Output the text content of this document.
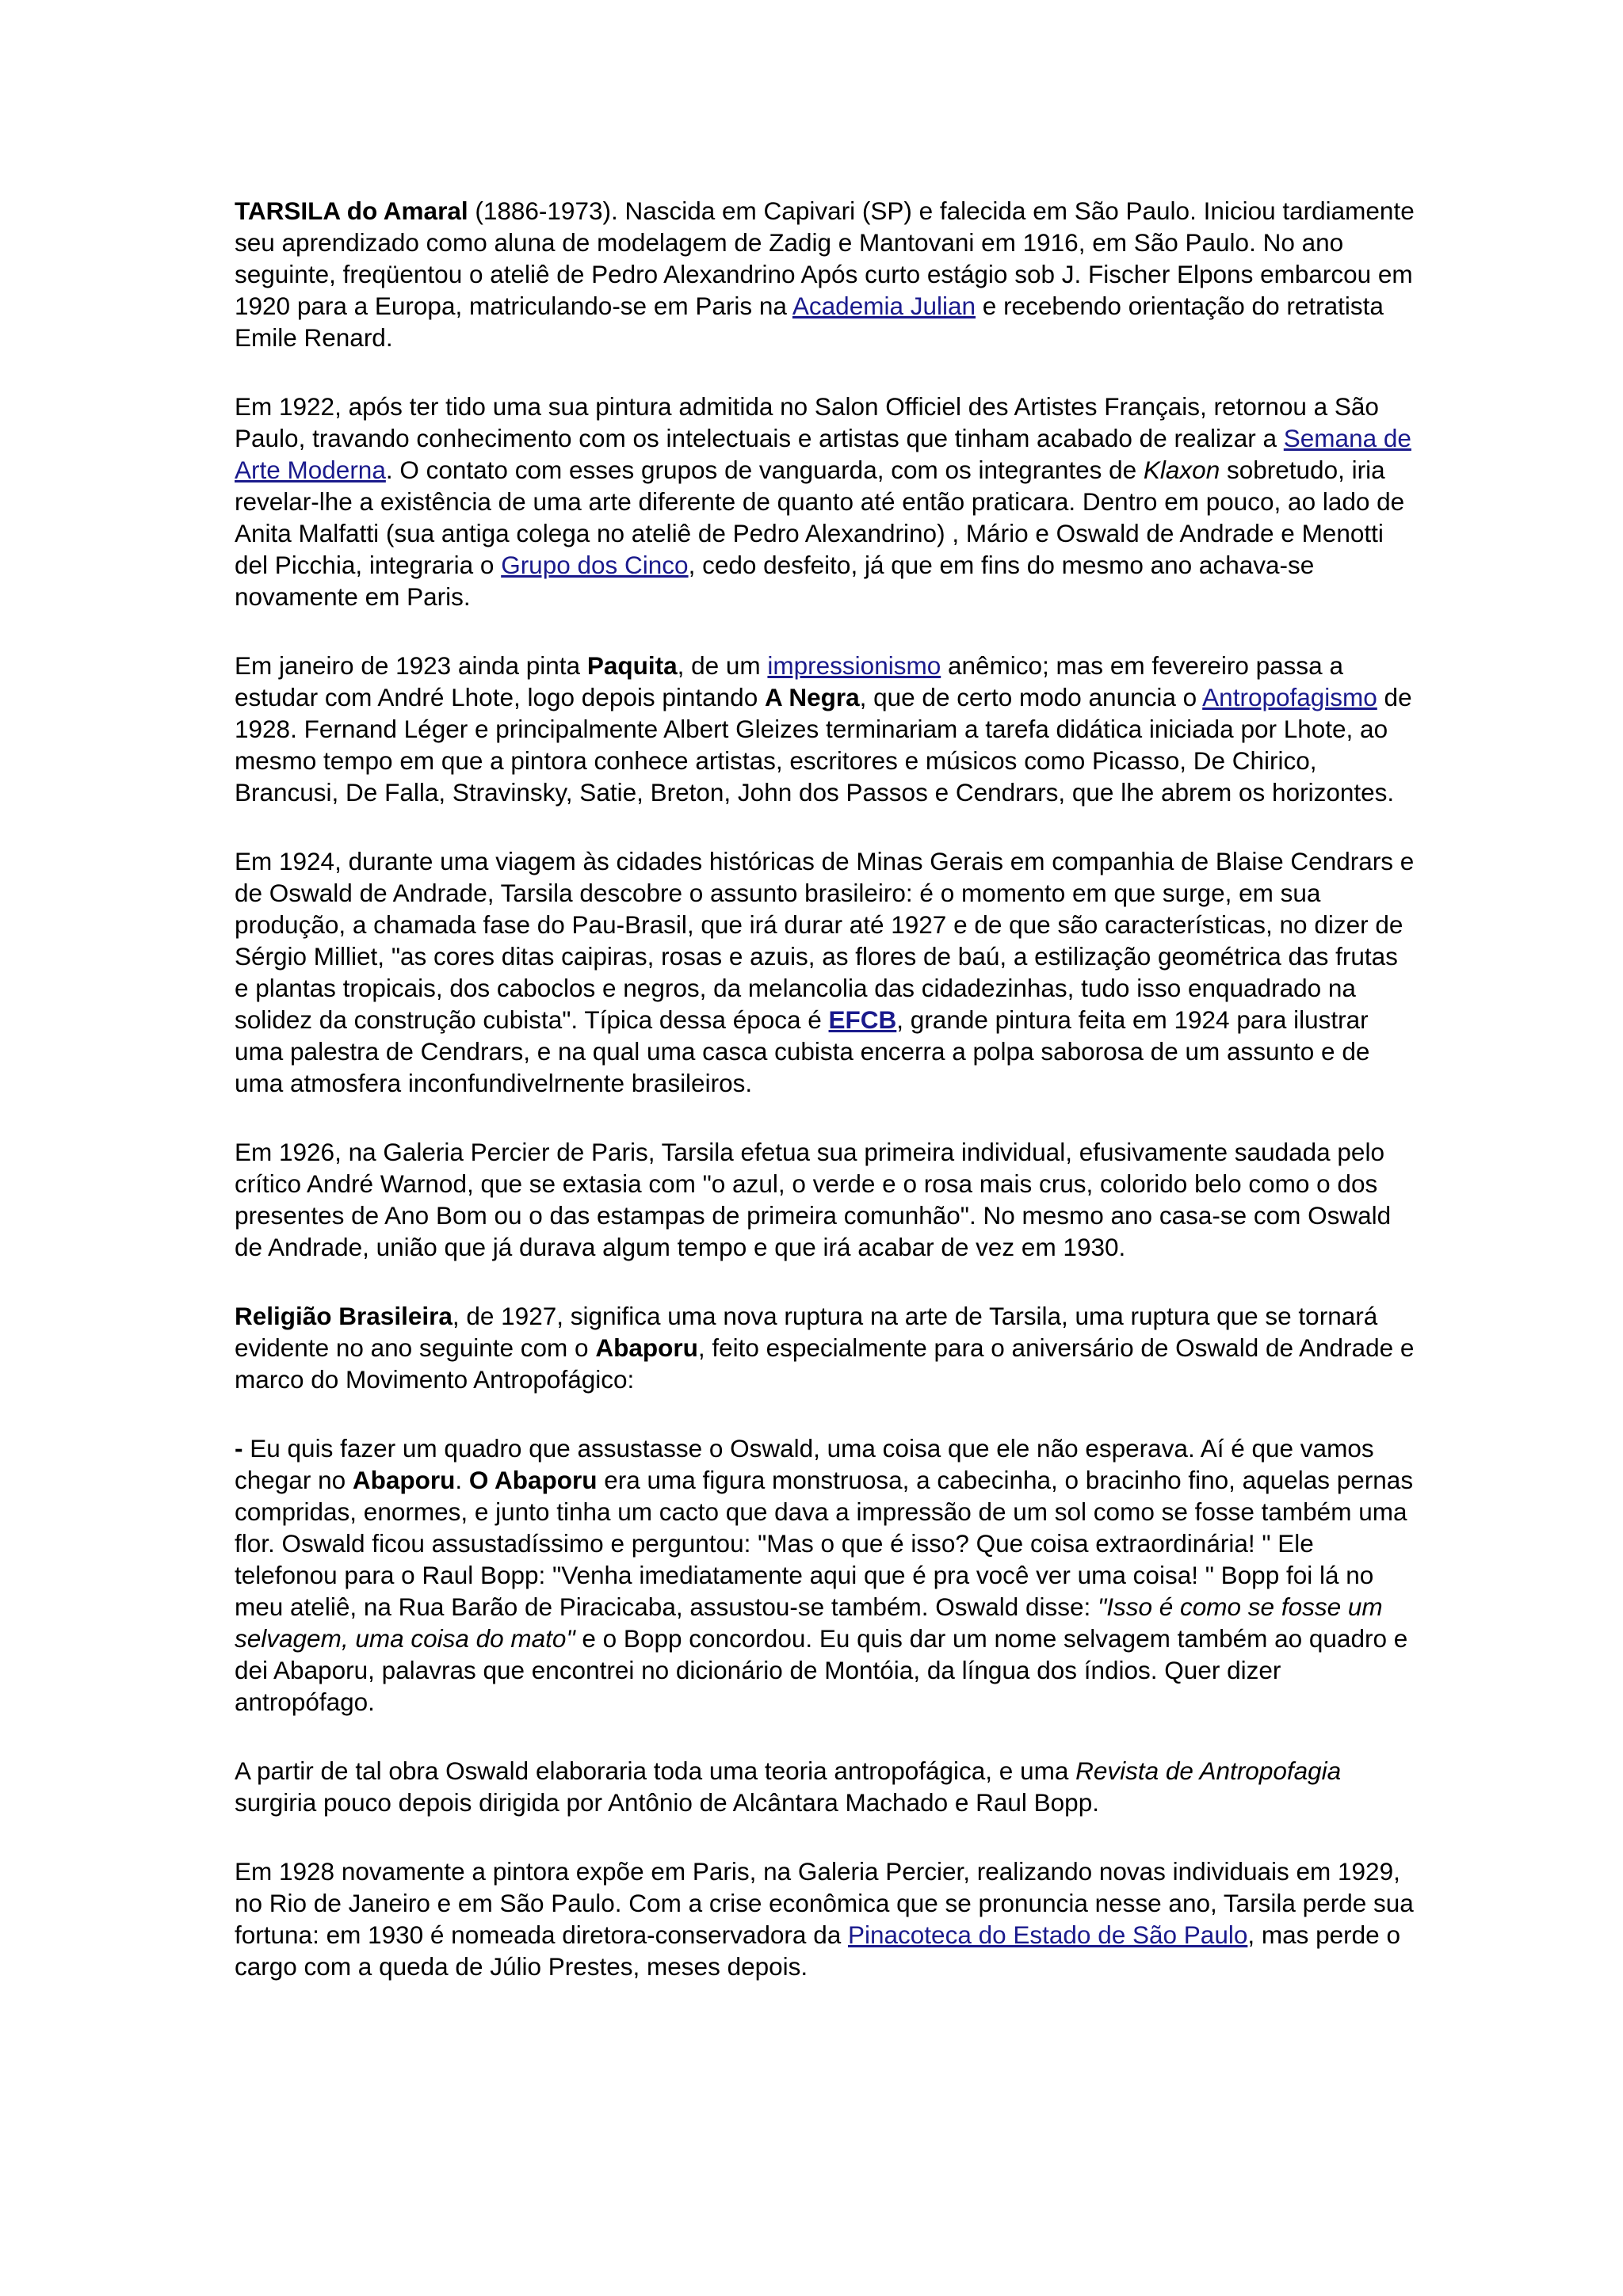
TARSILA do Amaral (1886-1973). Nascida em Capivari (SP) e falecida em São Paulo. Iniciou tardiamente seu aprendizado como aluna de modelagem de Zadig e Mantovani em 1916, em São Paulo. No ano seguinte, freqüentou o ateliê de Pedro Alexandrino Após curto estágio sob J. Fischer Elpons embarcou em 1920 para a Europa, matriculando-se em Paris na Academia Julian e recebendo orientação do retratista Emile Renard.

Em 1922, após ter tido uma sua pintura admitida no Salon Officiel des Artistes Français, retornou a São Paulo, travando conhecimento com os intelectuais e artistas que tinham acabado de realizar a Semana de Arte Moderna. O contato com esses grupos de vanguarda, com os integrantes de Klaxon sobretudo, iria revelar-lhe a existência de uma arte diferente de quanto até então praticara. Dentro em pouco, ao lado de Anita Malfatti (sua antiga colega no ateliê de Pedro Alexandrino) , Mário e Oswald de Andrade e Menotti del Picchia, integraria o Grupo dos Cinco, cedo desfeito, já que em fins do mesmo ano achava-se novamente em Paris.

Em janeiro de 1923 ainda pinta Paquita, de um impressionismo anêmico; mas em fevereiro passa a estudar com André Lhote, logo depois pintando A Negra, que de certo modo anuncia o Antropofagismo de 1928. Fernand Léger e principalmente Albert Gleizes terminariam a tarefa didática iniciada por Lhote, ao mesmo tempo em que a pintora conhece artistas, escritores e músicos como Picasso, De Chirico, Brancusi, De Falla, Stravinsky, Satie, Breton, John dos Passos e Cendrars, que lhe abrem os horizontes.

Em 1924, durante uma viagem às cidades históricas de Minas Gerais em companhia de Blaise Cendrars e de Oswald de Andrade, Tarsila descobre o assunto brasileiro: é o momento em que surge, em sua produção, a chamada fase do Pau-Brasil, que irá durar até 1927 e de que são características, no dizer de Sérgio Milliet, "as cores ditas caipiras, rosas e azuis, as flores de baú, a estilização geométrica das frutas e plantas tropicais, dos caboclos e negros, da melancolia das cidadezinhas, tudo isso enquadrado na solidez da construção cubista". Típica dessa época é EFCB, grande pintura feita em 1924 para ilustrar uma palestra de Cendrars, e na qual uma casca cubista encerra a polpa saborosa de um assunto e de uma atmosfera inconfundivelrnente brasileiros.

Em 1926, na Galeria Percier de Paris, Tarsila efetua sua primeira individual, efusivamente saudada pelo crítico André Warnod, que se extasia com "o azul, o verde e o rosa mais crus, colorido belo como o dos presentes de Ano Bom ou o das estampas de primeira comunhão". No mesmo ano casa-se com Oswald de Andrade, união que já durava algum tempo e que irá acabar de vez em 1930.

Religião Brasileira, de 1927, significa uma nova ruptura na arte de Tarsila, uma ruptura que se tornará evidente no ano seguinte com o Abaporu, feito especialmente para o aniversário de Oswald de Andrade e marco do Movimento Antropofágico:

- Eu quis fazer um quadro que assustasse o Oswald, uma coisa que ele não esperava. Aí é que vamos chegar no Abaporu. O Abaporu era uma figura monstruosa, a cabecinha, o bracinho fino, aquelas pernas compridas, enormes, e junto tinha um cacto que dava a impressão de um sol como se fosse também uma flor. Oswald ficou assustadíssimo e perguntou: "Mas o que é isso? Que coisa extraordinária! " Ele telefonou para o Raul Bopp: "Venha imediatamente aqui que é pra você ver uma coisa! " Bopp foi lá no meu ateliê, na Rua Barão de Piracicaba, assustou-se também. Oswald disse: "Isso é como se fosse um selvagem, uma coisa do mato" e o Bopp concordou. Eu quis dar um nome selvagem também ao quadro e dei Abaporu, palavras que encontrei no dicionário de Montóia, da língua dos índios. Quer dizer antropófago.

A partir de tal obra Oswald elaboraria toda uma teoria antropofágica, e uma Revista de Antropofagia surgiria pouco depois dirigida por Antônio de Alcântara Machado e Raul Bopp.

Em 1928 novamente a pintora expõe em Paris, na Galeria Percier, realizando novas individuais em 1929, no Rio de Janeiro e em São Paulo. Com a crise econômica que se pronuncia nesse ano, Tarsila perde sua fortuna: em 1930 é nomeada diretora-conservadora da Pinacoteca do Estado de São Paulo, mas perde o cargo com a queda de Júlio Prestes, meses depois.
